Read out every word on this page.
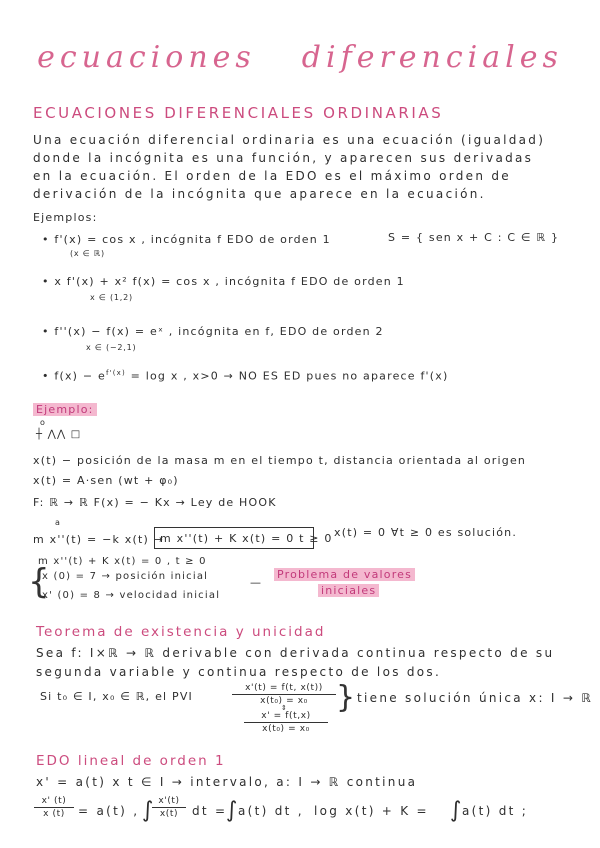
ecuaciones diferenciales
ECUACIONES DIFERENCIALES ORDINARIAS
Una ecuación diferencial ordinaria es una ecuación (igualdad)
donde la incógnita es una función, y aparecen sus derivadas
en la ecuación. El orden de la EDO es el máximo orden de
derivación de la incógnita que aparece en la ecuación.
Ejemplos:
• f'(x) = cos x , incógnita f EDO de orden 1	S = { sen x + C : C ∈ ℝ }
(x ∈ ℝ)
• x f'(x) + x² f(x) = cos x , incógnita f EDO de orden 1
x ∈ (1,2)
• f''(x) − f(x) = eˣ , incógnita en f, EDO de orden 2
x ∈ (−2,1)
• $f(x) - e^{f'(x)} = \log x$ , x>0 → NO ES ED pues no aparece f'(x)
Ejemplo:
o
┼ ⋀⋀ □
x(t) − posición de la masa m en el tiempo t, distancia orientada al origen
x(t) = A·sen (wt + φ₀)
F: ℝ → ℝ F(x) = − Kx → Ley de HOOK
a
m x''(t) = −k x(t) →
m x''(t) + K x(t) = 0 t ≥ 0 x(t) = 0 ∀t ≥ 0 es solución.
m x''(t) + K x(t) = 0 , t ≥ 0
{
x (0) = 7 → posición inicial
x' (0) = 8 → velocidad inicial
—
Problema de valores
iniciales
Teorema de existencia y unicidad
Sea f: I×ℝ → ℝ derivable con derivada continua respecto de su
segunda variable y continua respecto de los dos.
Si t₀ ∈ I, x₀ ∈ ℝ, el PVI	$\frac{x'(t) = f(t, x(t))}{\text{x(t₀) = x₀}}$
⇕
$\frac{x' = f(t,x)}{\text{x(t₀) = x₀}}$
} tiene solución única x: I → ℝ
EDO lineal de orden 1
x' = a(t) x t ∈ I → intervalo, a: I → ℝ continua
$\frac{x' (t)}{x (t)} = a(t)$ , ∫
$\frac{x'(t)}{x(t)}$ dt =
∫ a(t) dt , log x(t) + K = ∫ a(t) dt ;
